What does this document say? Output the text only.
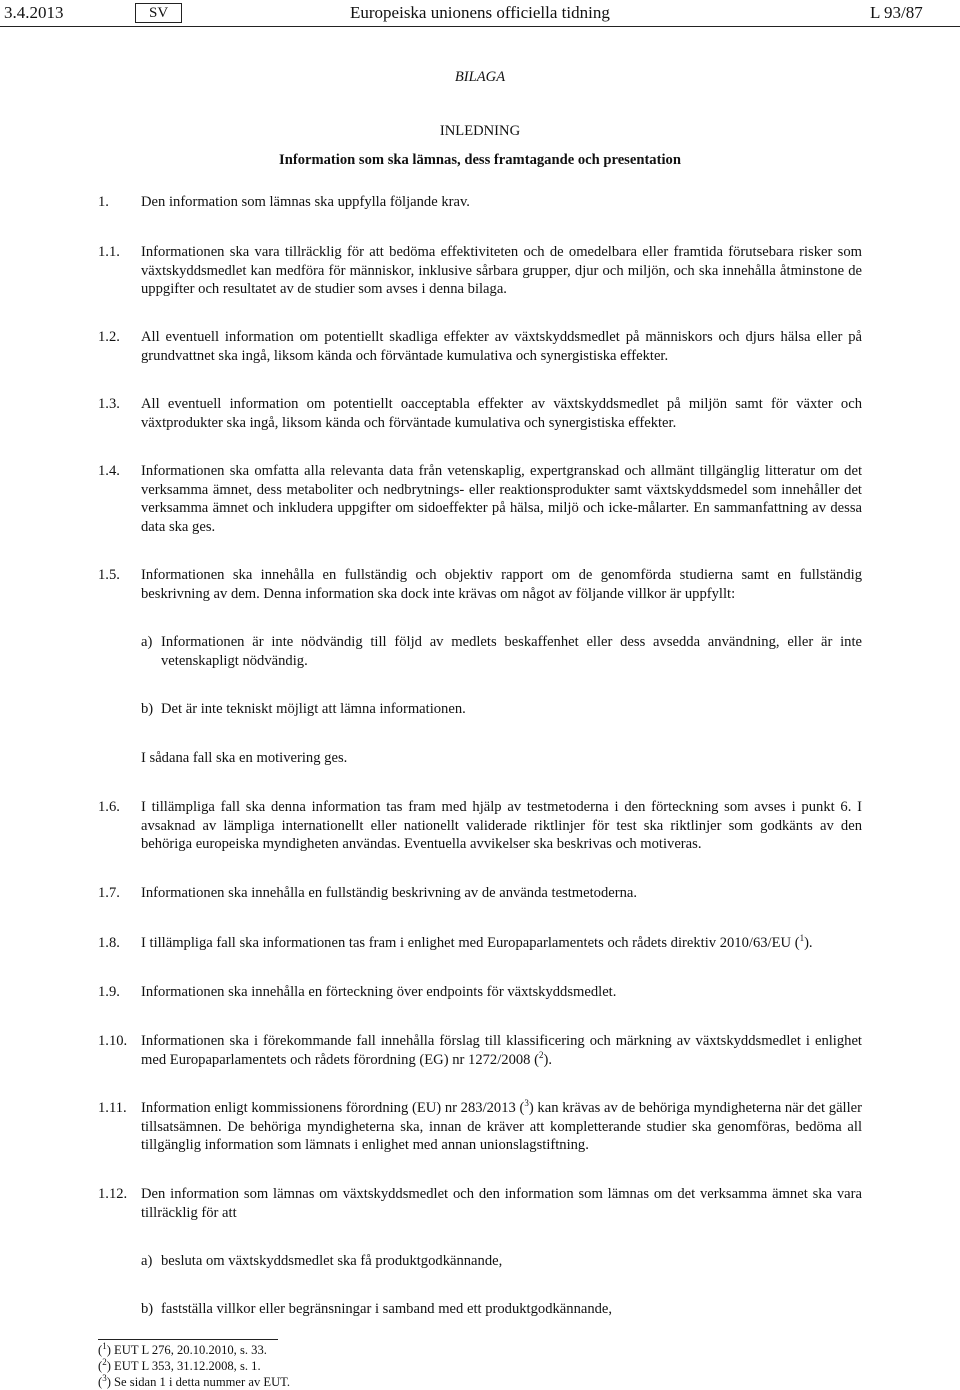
3.4.2013	SV	Europeiska unionens officiella tidning	L 93/87
BILAGA
INLEDNING
Information som ska lämnas, dess framtagande och presentation
1. Den information som lämnas ska uppfylla följande krav.
1.1. Informationen ska vara tillräcklig för att bedöma effektiviteten och de omedelbara eller framtida förutsebara risker som växtskyddsmedlet kan medföra för människor, inklusive sårbara grupper, djur och miljön, och ska innehålla åtminstone de uppgifter och resultatet av de studier som avses i denna bilaga.
1.2. All eventuell information om potentiellt skadliga effekter av växtskyddsmedlet på människors och djurs hälsa eller på grundvattnet ska ingå, liksom kända och förväntade kumulativa och synergistiska effekter.
1.3. All eventuell information om potentiellt oacceptabla effekter av växtskyddsmedlet på miljön samt för växter och växtprodukter ska ingå, liksom kända och förväntade kumulativa och synergistiska effekter.
1.4. Informationen ska omfatta alla relevanta data från vetenskaplig, expertgranskad och allmänt tillgänglig litteratur om det verksamma ämnet, dess metaboliter och nedbrytnings- eller reaktionsprodukter samt växtskyddsmedel som innehåller det verksamma ämnet och inkludera uppgifter om sidoeffekter på hälsa, miljö och icke-målarter. En sammanfattning av dessa data ska ges.
1.5. Informationen ska innehålla en fullständig och objektiv rapport om de genomförda studierna samt en fullständig beskrivning av dem. Denna information ska dock inte krävas om något av följande villkor är uppfyllt:
a) Informationen är inte nödvändig till följd av medlets beskaffenhet eller dess avsedda användning, eller är inte vetenskapligt nödvändig.
b) Det är inte tekniskt möjligt att lämna informationen.
I sådana fall ska en motivering ges.
1.6. I tillämpliga fall ska denna information tas fram med hjälp av testmetoderna i den förteckning som avses i punkt 6. I avsaknad av lämpliga internationellt eller nationellt validerade riktlinjer för test ska riktlinjer som godkänts av den behöriga europeiska myndigheten användas. Eventuella avvikelser ska beskrivas och motiveras.
1.7. Informationen ska innehålla en fullständig beskrivning av de använda testmetoderna.
1.8. I tillämpliga fall ska informationen tas fram i enlighet med Europaparlamentets och rådets direktiv 2010/63/EU ($^1$).
1.9. Informationen ska innehålla en förteckning över endpoints för växtskyddsmedlet.
1.10. Informationen ska i förekommande fall innehålla förslag till klassificering och märkning av växtskyddsmedlet i enlighet med Europaparlamentets och rådets förordning (EG) nr 1272/2008 ($^2$).
1.11. Information enligt kommissionens förordning (EU) nr 283/2013 ($^3$) kan krävas av de behöriga myndigheterna när det gäller tillsatsämnen. De behöriga myndigheterna ska, innan de kräver att kompletterande studier ska genomföras, bedöma all tillgänglig information som lämnats i enlighet med annan unionslagstiftning.
1.12. Den information som lämnas om växtskyddsmedlet och den information som lämnas om det verksamma ämnet ska vara tillräcklig för att
a) besluta om växtskyddsmedlet ska få produktgodkännande,
b) fastställa villkor eller begränsningar i samband med ett produktgodkännande,
($^1$) EUT L 276, 20.10.2010, s. 33.
($^2$) EUT L 353, 31.12.2008, s. 1.
($^3$) Se sidan 1 i detta nummer av EUT.
